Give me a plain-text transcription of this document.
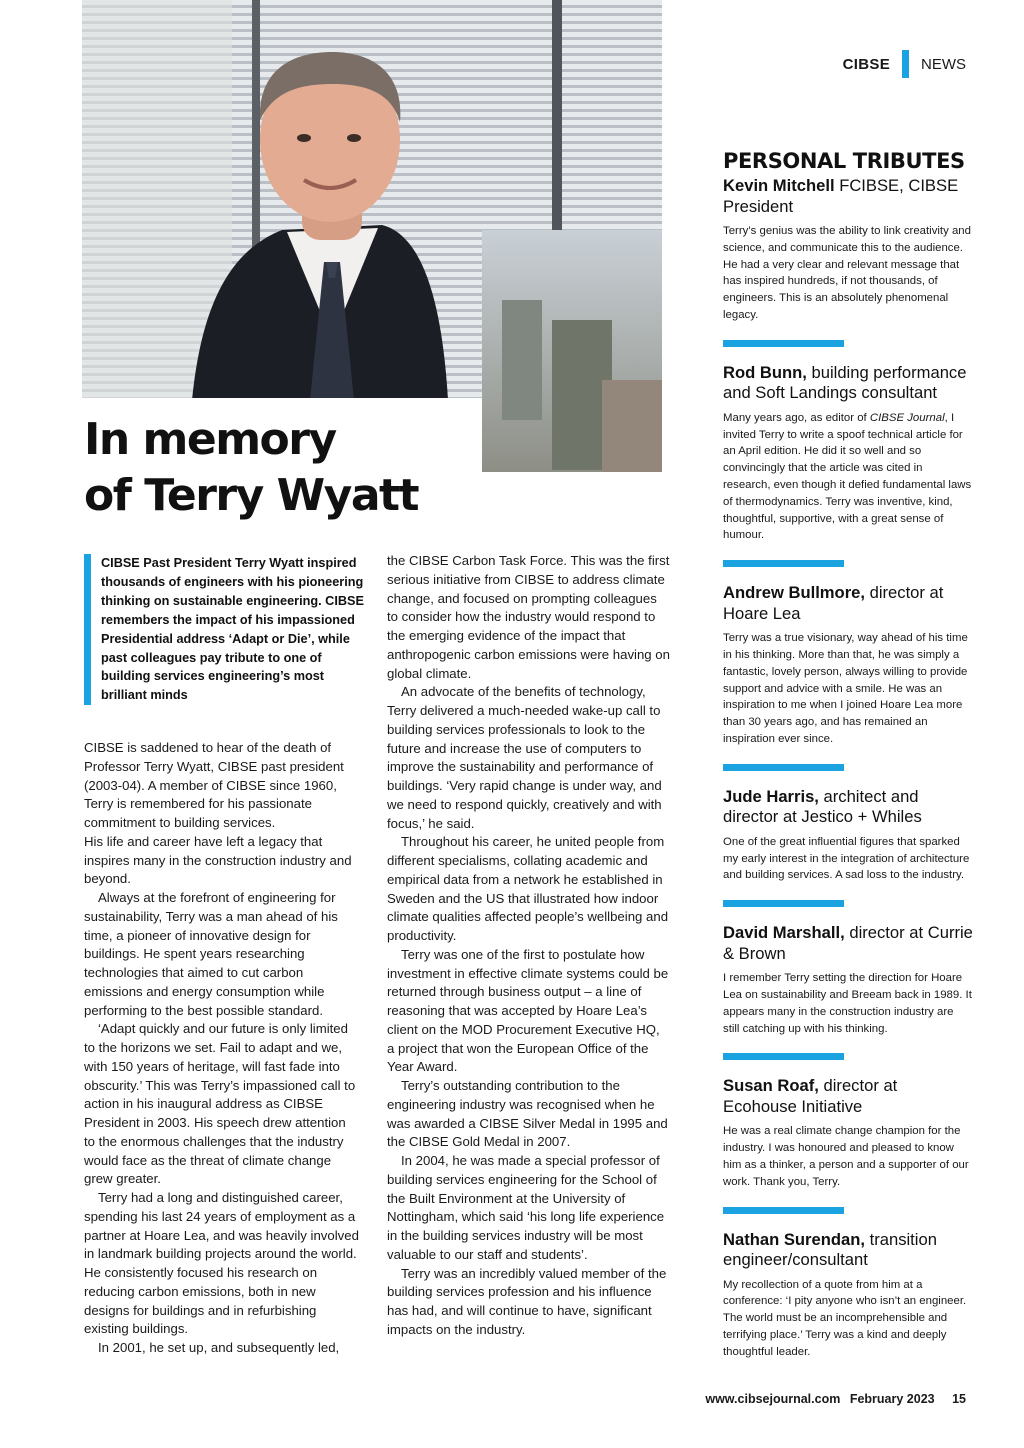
In memory
of Terry Wyatt
CIBSE NEWS
CIBSE Past President Terry Wyatt inspired thousands of engineers with his pioneering thinking on sustainable engineering. CIBSE remembers the impact of his impassioned Presidential address ‘Adapt or Die’, while past colleagues pay tribute to one of building services engineering’s most brilliant minds

CIBSE is saddened to hear of the death of Professor Terry Wyatt, CIBSE past president (2003-04). A member of CIBSE since 1960, Terry is remembered for his passionate commitment to building services.

His life and career have left a legacy that inspires many in the construction industry and beyond.

Always at the forefront of engineering for sustainability, Terry was a man ahead of his time, a pioneer of innovative design for buildings. He spent years researching technologies that aimed to cut carbon emissions and energy consumption while performing to the best possible standard.

‘Adapt quickly and our future is only limited to the horizons we set. Fail to adapt and we, with 150 years of heritage, will fast fade into obscurity.’ This was Terry’s impassioned call to action in his inaugural address as CIBSE President in 2003. His speech drew attention to the enormous challenges that the industry would face as the threat of climate change grew greater.

Terry had a long and distinguished career, spending his last 24 years of employment as a partner at Hoare Lea, and was heavily involved in landmark building projects around the world. He consistently focused his research on reducing carbon emissions, both in new designs for buildings and in refurbishing existing buildings.

In 2001, he set up, and subsequently led,

the CIBSE Carbon Task Force. This was the first serious initiative from CIBSE to address climate change, and focused on prompting colleagues to consider how the industry would respond to the emerging evidence of the impact that anthropogenic carbon emissions were having on global climate.

An advocate of the benefits of technology, Terry delivered a much-needed wake-up call to building services professionals to look to the future and increase the use of computers to improve the sustainability and performance of buildings. ‘Very rapid change is under way, and we need to respond quickly, creatively and with focus,’ he said.

Throughout his career, he united people from different specialisms, collating academic and empirical data from a network he established in Sweden and the US that illustrated how indoor climate qualities affected people’s wellbeing and productivity.

Terry was one of the first to postulate how investment in effective climate systems could be returned through business output – a line of reasoning that was accepted by Hoare Lea’s client on the MOD Procurement Executive HQ, a project that won the European Office of the Year Award.

Terry’s outstanding contribution to the engineering industry was recognised when he was awarded a CIBSE Silver Medal in 1995 and the CIBSE Gold Medal in 2007.

In 2004, he was made a special professor of building services engineering for the School of the Built Environment at the University of Nottingham, which said ‘his long life experience in the building services industry will be most valuable to our staff and students’.

Terry was an incredibly valued member of the building services profession and his influence has had, and will continue to have, significant impacts on the industry.

PERSONAL TRIBUTES
Kevin Mitchell FCIBSE, CIBSE President

Terry’s genius was the ability to link creativity and science, and communicate this to the audience. He had a very clear and relevant message that has inspired hundreds, if not thousands, of engineers. This is an absolutely phenomenal legacy.

Rod Bunn, building performance and Soft Landings consultant

Many years ago, as editor of CIBSE Journal, I invited Terry to write a spoof technical article for an April edition. He did it so well and so convincingly that the article was cited in research, even though it defied fundamental laws of thermodynamics. Terry was inventive, kind, thoughtful, supportive, with a great sense of humour.

Andrew Bullmore, director at Hoare Lea

Terry was a true visionary, way ahead of his time in his thinking. More than that, he was simply a fantastic, lovely person, always willing to provide support and advice with a smile. He was an inspiration to me when I joined Hoare Lea more than 30 years ago, and has remained an inspiration ever since.

Jude Harris, architect and director at Jestico + Whiles

One of the great influential figures that sparked my early interest in the integration of architecture and building services. A sad loss to the industry.

David Marshall, director at Currie & Brown

I remember Terry setting the direction for Hoare Lea on sustainability and Breeam back in 1989. It appears many in the construction industry are still catching up with his thinking.

Susan Roaf, director at Ecohouse Initiative

He was a real climate change champion for the industry. I was honoured and pleased to know him as a thinker, a person and a supporter of our work. Thank you, Terry.

Nathan Surendan, transition engineer/consultant

My recollection of a quote from him at a conference: ‘I pity anyone who isn’t an engineer. The world must be an incomprehensible and terrifying place.’ Terry was a kind and deeply thoughtful leader.

www.cibsejournal.com February 2023 15
